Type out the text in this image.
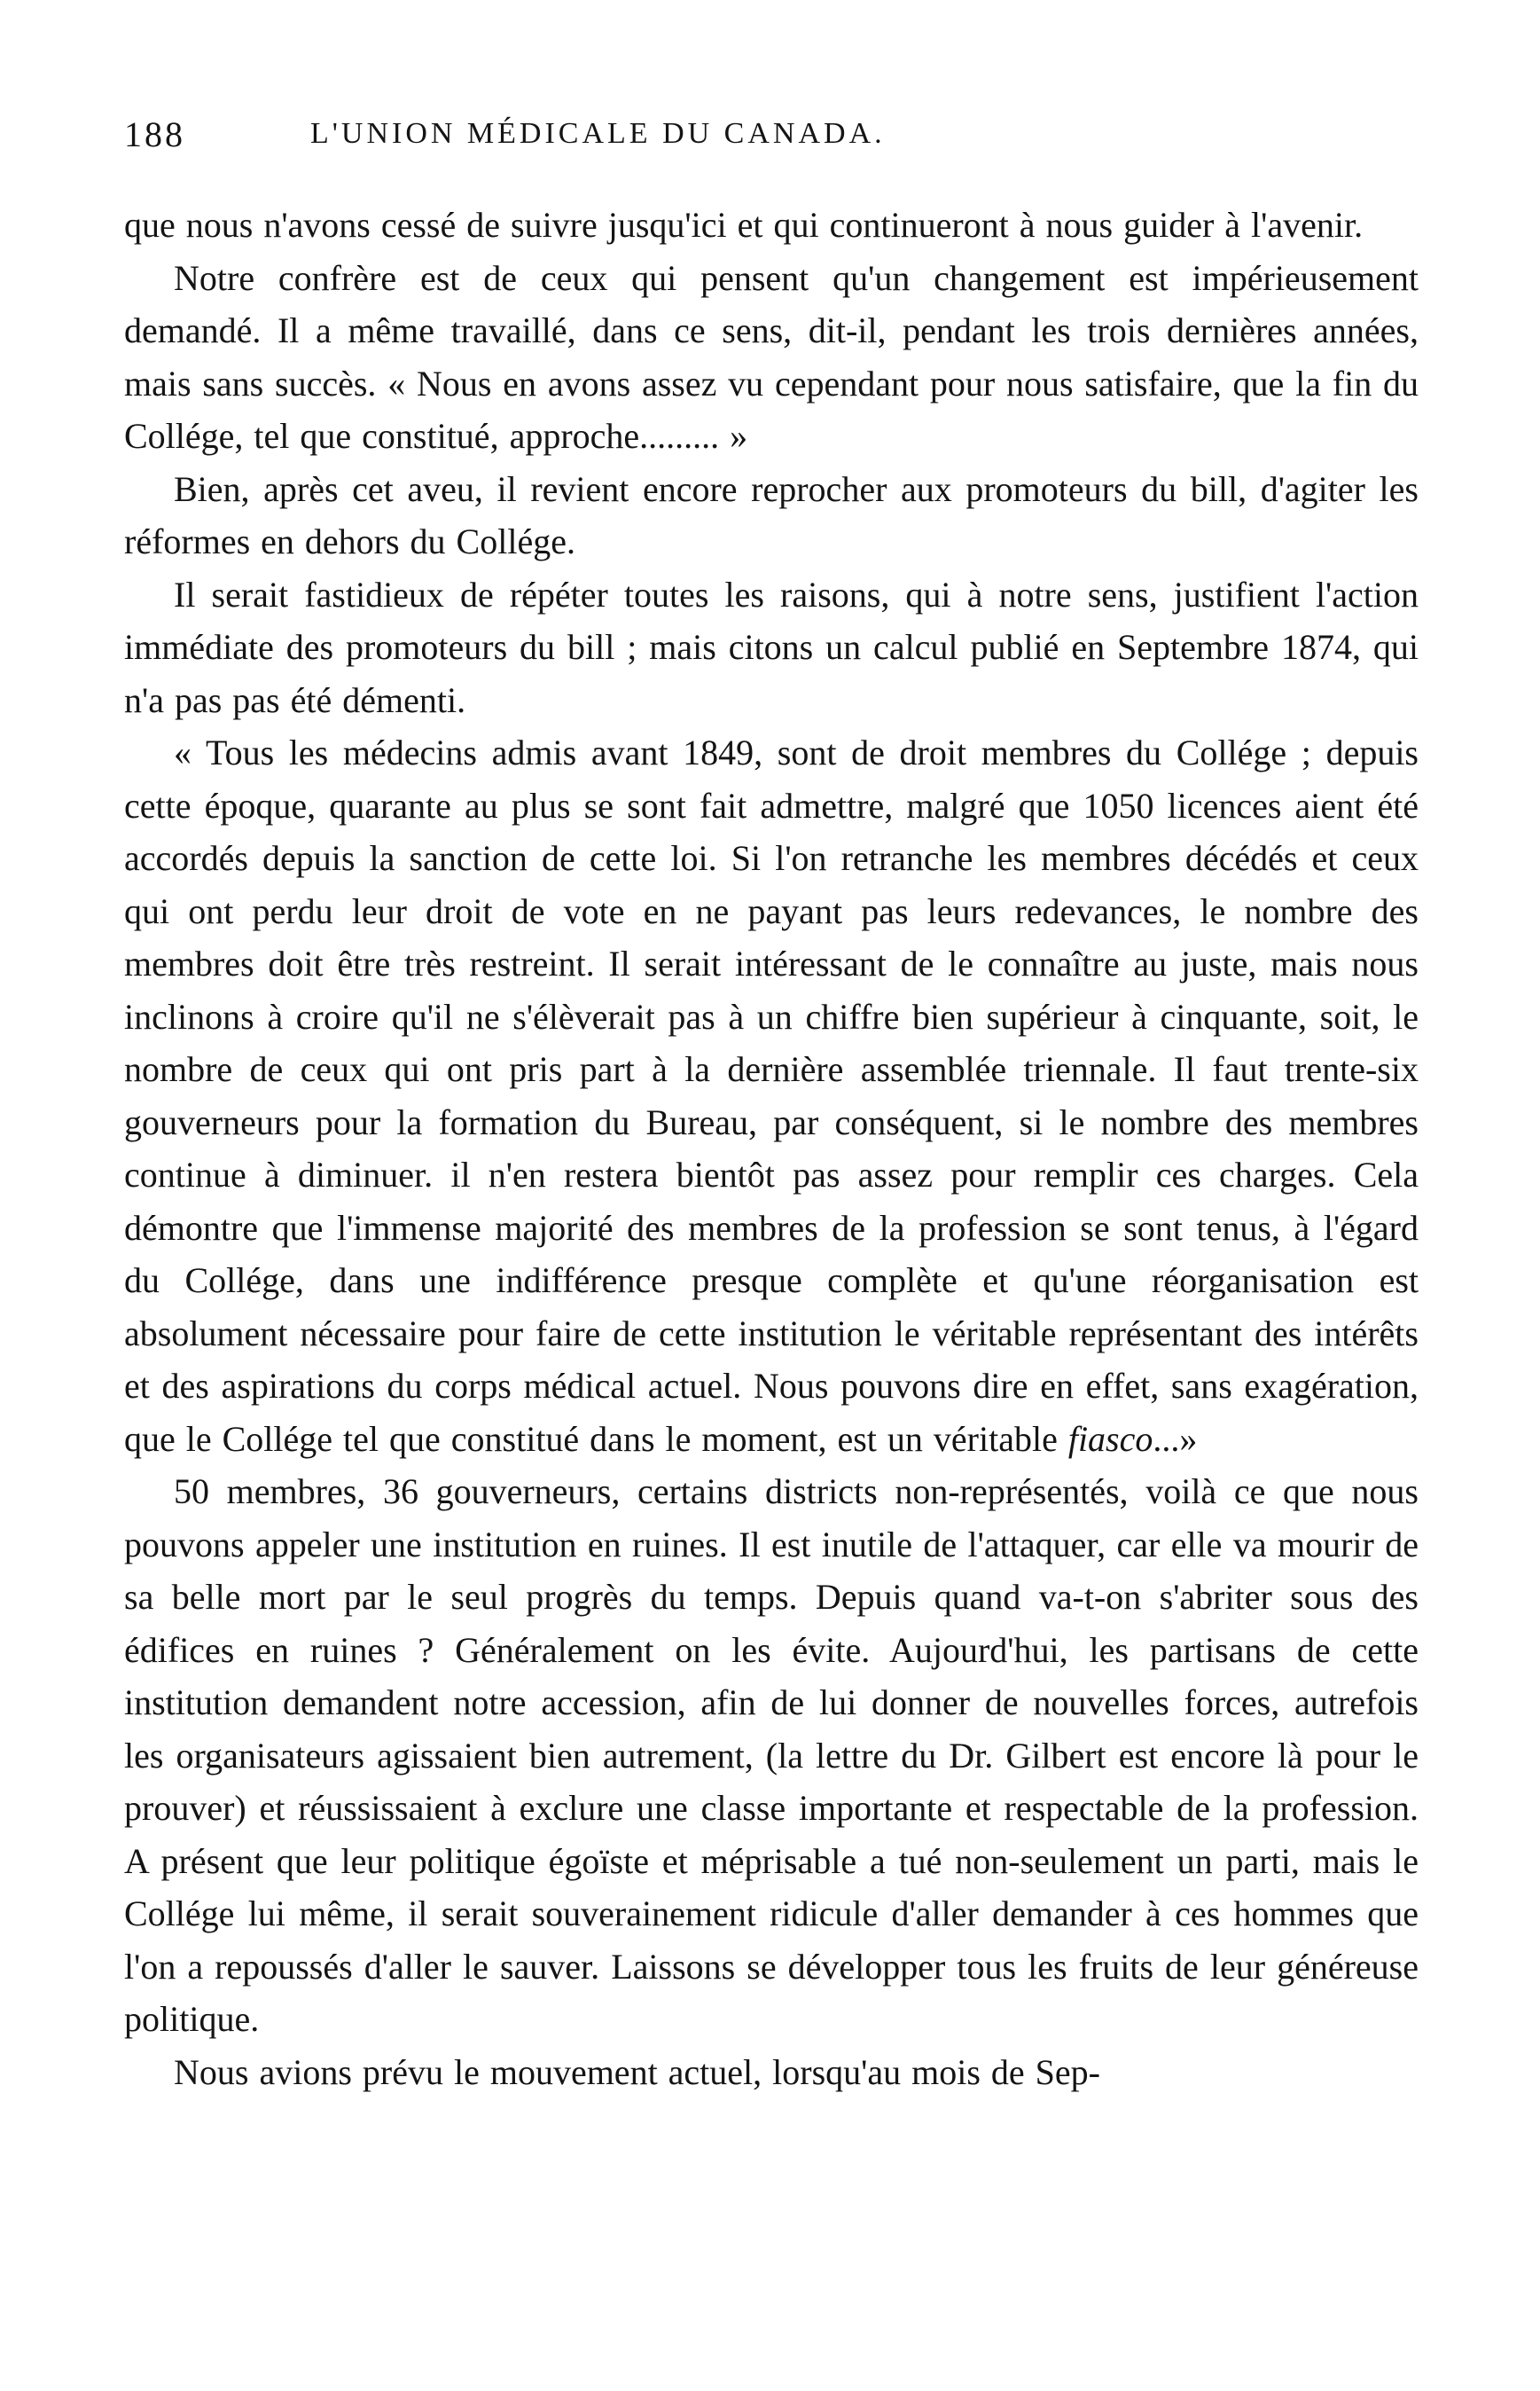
188	L'UNION MÉDICALE DU CANADA.

que nous n'avons cessé de suivre jusqu'ici et qui continueront à nous guider à l'avenir.

Notre confrère est de ceux qui pensent qu'un changement est impérieusement demandé. Il a même travaillé, dans ce sens, dit-il, pendant les trois dernières années, mais sans succès. « Nous en avons assez vu cependant pour nous satisfaire, que la fin du Collége, tel que constitué, approche......... »

Bien, après cet aveu, il revient encore reprocher aux promoteurs du bill, d'agiter les réformes en dehors du Collége.

Il serait fastidieux de répéter toutes les raisons, qui à notre sens, justifient l'action immédiate des promoteurs du bill ; mais citons un calcul publié en Septembre 1874, qui n'a pas pas été démenti.

« Tous les médecins admis avant 1849, sont de droit membres du Collége ; depuis cette époque, quarante au plus se sont fait admettre, malgré que 1050 licences aient été accordés depuis la sanction de cette loi. Si l'on retranche les membres décédés et ceux qui ont perdu leur droit de vote en ne payant pas leurs redevances, le nombre des membres doit être très restreint. Il serait intéressant de le connaître au juste, mais nous inclinons à croire qu'il ne s'élèverait pas à un chiffre bien supérieur à cinquante, soit, le nombre de ceux qui ont pris part à la dernière assemblée triennale. Il faut trente-six gouverneurs pour la formation du Bureau, par conséquent, si le nombre des membres continue à diminuer. il n'en restera bientôt pas assez pour remplir ces charges. Cela démontre que l'immense majorité des membres de la profession se sont tenus, à l'égard du Collége, dans une indifférence presque complète et qu'une réorganisation est absolument nécessaire pour faire de cette institution le véritable représentant des intérêts et des aspirations du corps médical actuel. Nous pouvons dire en effet, sans exagération, que le Collége tel que constitué dans le moment, est un véritable fiasco...»

50 membres, 36 gouverneurs, certains districts non-représentés, voilà ce que nous pouvons appeler une institution en ruines. Il est inutile de l'attaquer, car elle va mourir de sa belle mort par le seul progrès du temps. Depuis quand va-t-on s'abriter sous des édifices en ruines ? Généralement on les évite. Aujourd'hui, les partisans de cette institution demandent notre accession, afin de lui donner de nouvelles forces, autrefois les organisateurs agissaient bien autrement, (la lettre du Dr. Gilbert est encore là pour le prouver) et réussissaient à exclure une classe importante et respectable de la profession. A présent que leur politique égoïste et méprisable a tué non-seulement un parti, mais le Collége lui même, il serait souverainement ridicule d'aller demander à ces hommes que l'on a repoussés d'aller le sauver. Laissons se développer tous les fruits de leur généreuse politique.

Nous avions prévu le mouvement actuel, lorsqu'au mois de Sep-
